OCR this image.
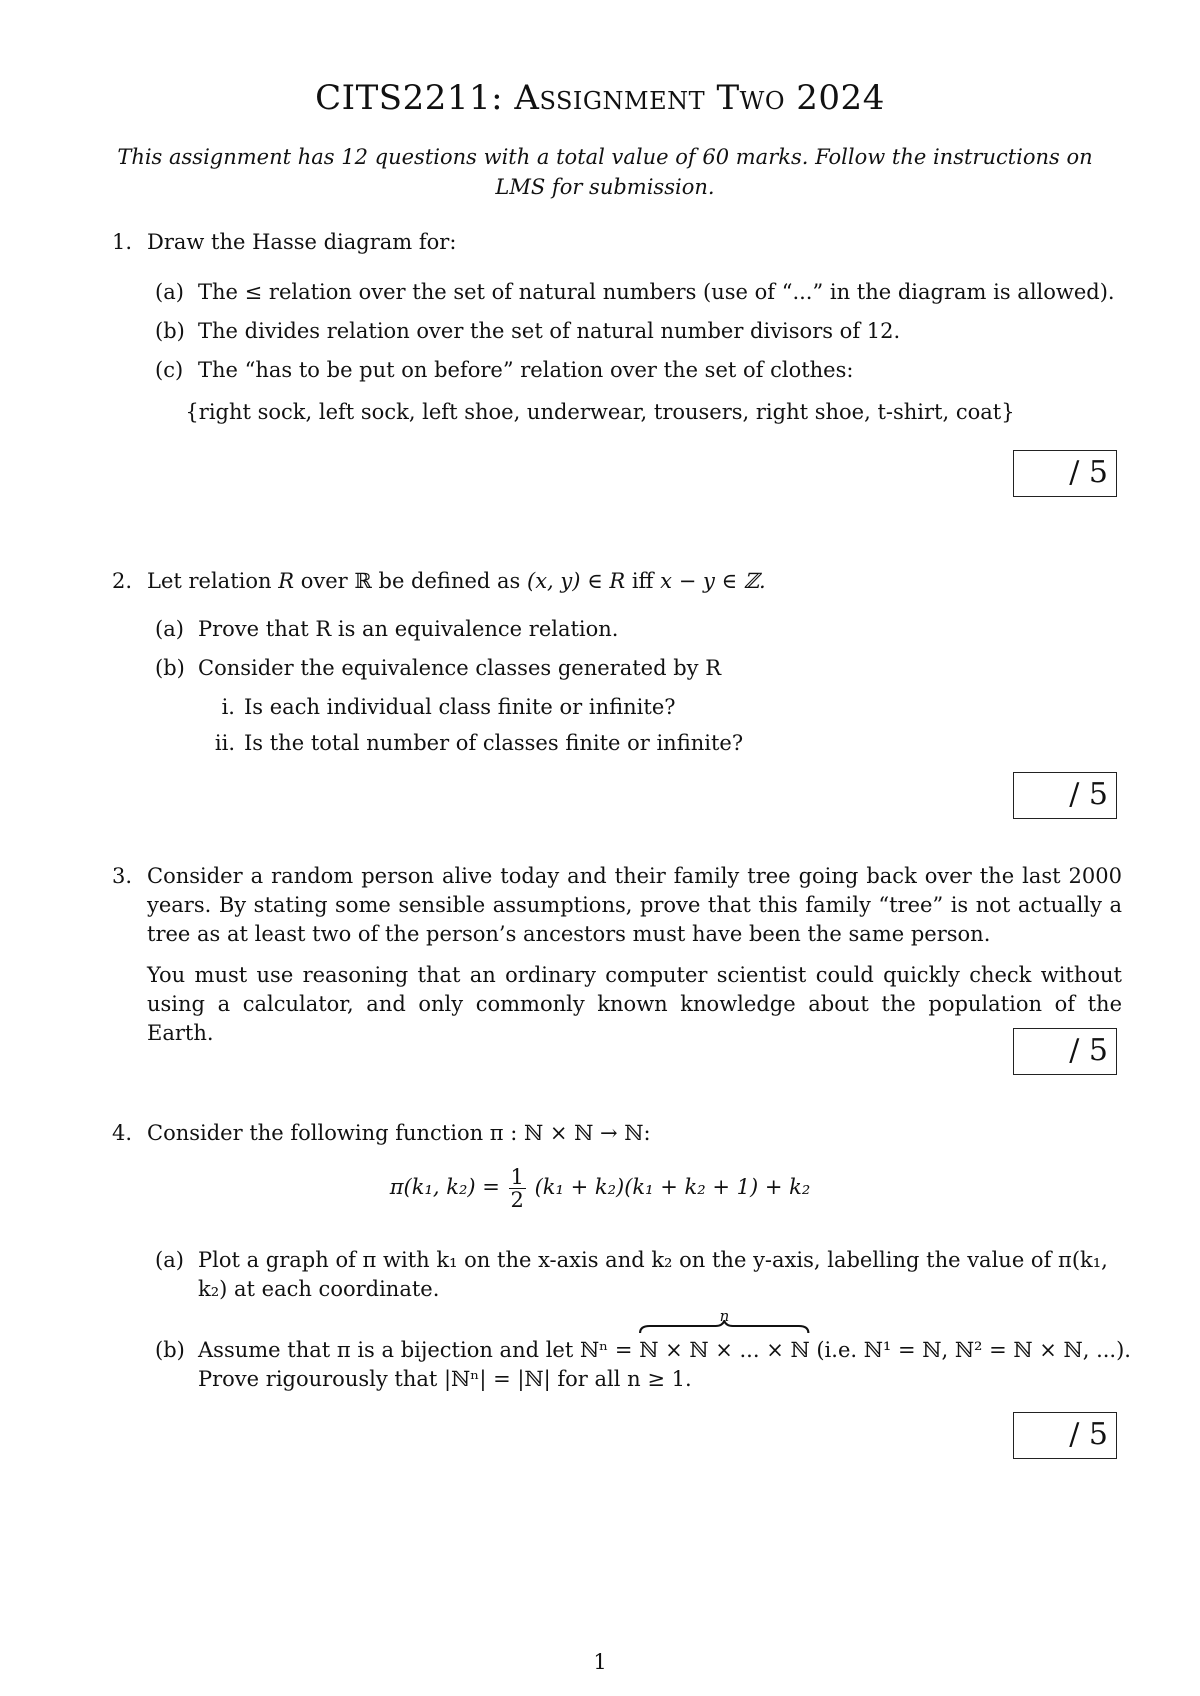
CITS2211: Assignment Two 2024
This assignment has 12 questions with a total value of 60 marks. Follow the instructions on LMS for submission.
1. Draw the Hasse diagram for:
(a) The ≤ relation over the set of natural numbers (use of “...” in the diagram is allowed).
(b) The divides relation over the set of natural number divisors of 12.
(c) The “has to be put on before” relation over the set of clothes:
{right sock, left sock, left shoe, underwear, trousers, right shoe, t-shirt, coat}
/ 5
2. Let relation R over ℝ be defined as (x, y) ∈ R iff x − y ∈ ℤ.
(a) Prove that R is an equivalence relation.
(b) Consider the equivalence classes generated by R
i. Is each individual class finite or infinite?
ii. Is the total number of classes finite or infinite?
/ 5
3. Consider a random person alive today and their family tree going back over the last 2000 years. By stating some sensible assumptions, prove that this family “tree” is not actually a tree as at least two of the person’s ancestors must have been the same person.
You must use reasoning that an ordinary computer scientist could quickly check without using a calculator, and only commonly known knowledge about the population of the Earth.	/ 5
4. Consider the following function π : ℕ × ℕ → ℕ:
π(k₁, $k_2) = \frac{1}{2} (k_1 + k_2)(k_1 + k_2 + 1) + k_2$
(a) Plot a graph of π with k₁ on the x-axis and k₂ on the y-axis, labelling the value of π(k₁, k₂) at each coordinate.
(b) Assume that π is a bijection and let ℕⁿ =
n
ℕ × ℕ × ... × ℕ (i.e. ℕ¹ = ℕ, ℕ² = ℕ × ℕ, ...).
Prove rigourously that |ℕⁿ| = |ℕ| for all n ≥ 1.
/ 5
1
